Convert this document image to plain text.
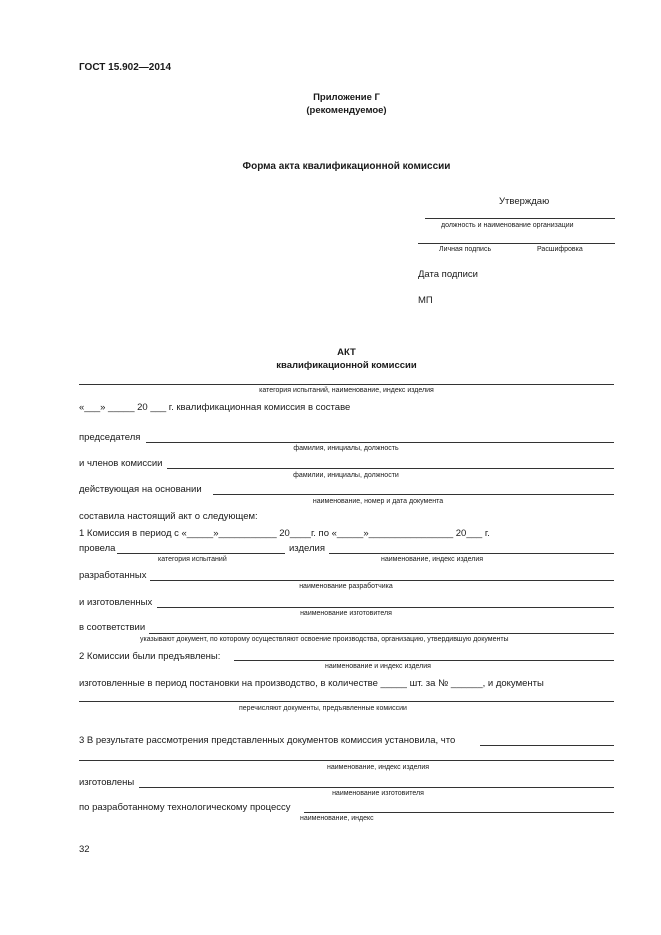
ГОСТ 15.902—2014
Приложение Г
(рекомендуемое)
Форма акта квалификационной комиссии
Утверждаю
должность и наименование организации
Личная подпись	Расшифровка
Дата подписи
МП
АКТ
квалификационной комиссии
категория испытаний, наименование, индекс изделия
«___» _____ 20 ___ г. квалификационная комиссия в составе
председателя
фамилия, инициалы, должность
и членов комиссии
фамилии, инициалы, должности
действующая на основании
наименование, номер и дата документа
составила настоящий акт о следующем:
1 Комиссия в период с «_____»___________ 20____г. по «_____»________________ 20___ г.
провела	изделия
категория испытаний	наименование, индекс изделия
разработанных
наименование разработчика
и изготовленных
наименование изготовителя
в соответствии
указывают документ, по которому осуществляют освоение производства, организацию, утвердившую документы
2 Комиссии были предъявлены:
наименование и индекс изделия
изготовленные в период постановки на производство, в количестве _____ шт. за № ______, и документы
перечисляют документы, предъявленные комиссии
3 В результате рассмотрения представленных документов комиссия установила, что
наименование, индекс изделия
изготовлены
наименование изготовителя
по разработанному технологическому процессу
наименование, индекс
32
